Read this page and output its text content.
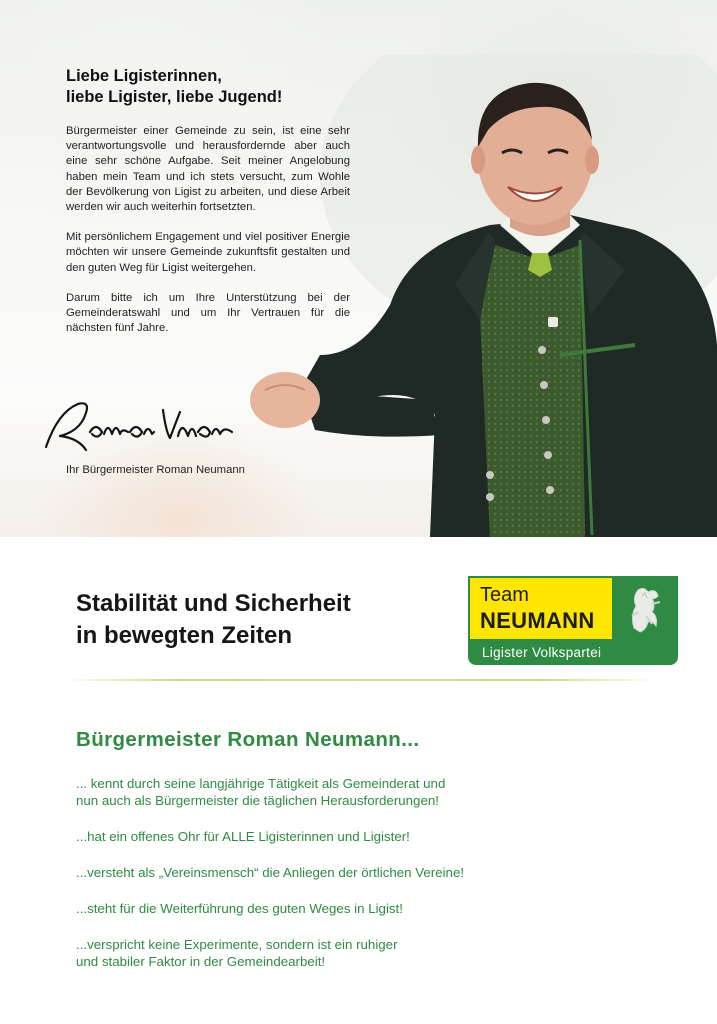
Liebe Ligisterinnen,
liebe Ligister, liebe Jugend!

Bürgermeister einer Gemeinde zu sein, ist eine sehr verantwortungsvolle und herausfordernde aber auch eine sehr schöne Aufgabe. Seit meiner Angelobung haben mein Team und ich stets versucht, zum Wohle der Bevölkerung von Ligist zu arbeiten, und diese Arbeit werden wir auch weiterhin fortsetzten.

Mit persönlichem Engagement und viel positiver Energie möchten wir unsere Gemeinde zukunftsfit gestalten und den guten Weg für Ligist weitergehen.

Darum bitte ich um Ihre Unterstützung bei der Gemeinderatswahl und um Ihr Vertrauen für die nächsten fünf Jahre.

Ihr Bürgermeister Roman Neumann
Stabilität und Sicherheit
in bewegten Zeiten
Team
NEUMANN
Ligister Volkspartei
Bürgermeister Roman Neumann...

... kennt durch seine langjährige Tätigkeit als Gemeinderat und
nun auch als Bürgermeister die täglichen Herausforderungen!

...hat ein offenes Ohr für ALLE Ligisterinnen und Ligister!

...versteht als „Vereinsmensch“ die Anliegen der örtlichen Vereine!

...steht für die Weiterführung des guten Weges in Ligist!

...verspricht keine Experimente, sondern ist ein ruhiger
und stabiler Faktor in der Gemeindearbeit!
